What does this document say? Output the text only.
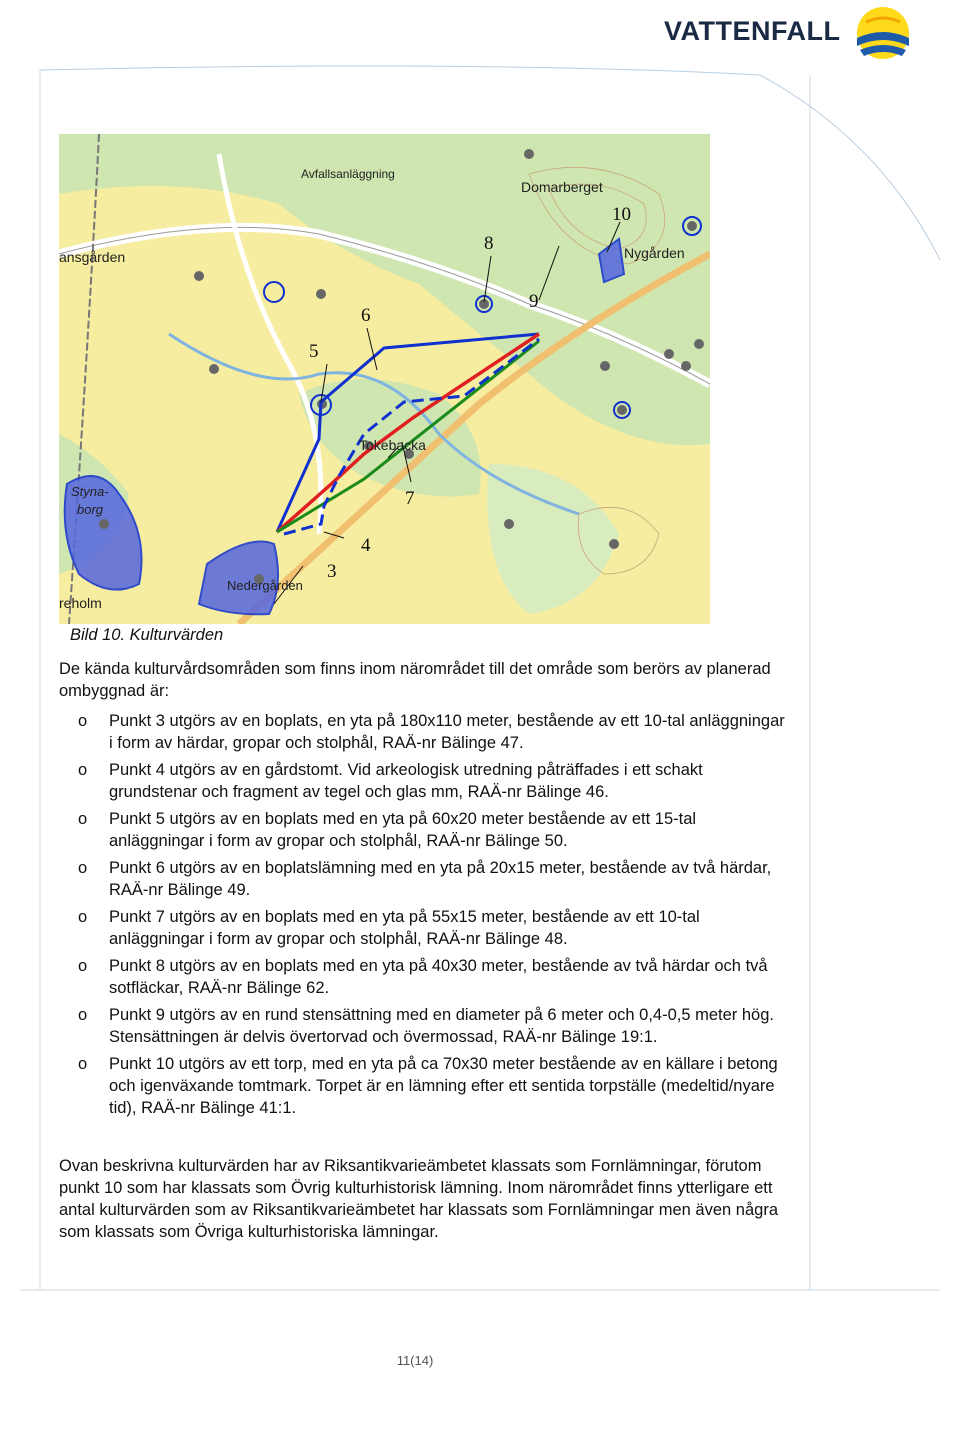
VATTENFALL
Avfallsanläggning
Domarberget
ansgården	Nygården
Tokebacka
Styna-
borg
Nedergården
reholm
3
4
5
6
7
8
9
10
Bild 10. Kulturvärden
De kända kulturvårdsområden som finns inom närområdet till det område som berörs av planerad ombyggnad är:
o Punkt 3 utgörs av en boplats, en yta på 180x110 meter, bestående av ett 10-tal anläggningar i form av härdar, gropar och stolphål, RAÄ-nr Bälinge 47.
o Punkt 4 utgörs av en gårdstomt. Vid arkeologisk utredning påträffades i ett schakt grundstenar och fragment av tegel och glas mm, RAÄ-nr Bälinge 46.
o Punkt 5 utgörs av en boplats med en yta på 60x20 meter bestående av ett 15-tal anläggningar i form av gropar och stolphål, RAÄ-nr Bälinge 50.
o Punkt 6 utgörs av en boplatslämning med en yta på 20x15 meter, bestående av två härdar, RAÄ-nr Bälinge 49.
o Punkt 7 utgörs av en boplats med en yta på 55x15 meter, bestående av ett 10-tal anläggningar i form av gropar och stolphål, RAÄ-nr Bälinge 48.
o Punkt 8 utgörs av en boplats med en yta på 40x30 meter, bestående av två härdar och två sotfläckar, RAÄ-nr Bälinge 62.
o Punkt 9 utgörs av en rund stensättning med en diameter på 6 meter och 0,4-0,5 meter hög. Stensättningen är delvis övertorvad och övermossad, RAÄ-nr Bälinge 19:1.
o Punkt 10 utgörs av ett torp, med en yta på ca 70x30 meter bestående av en källare i betong och igenväxande tomtmark. Torpet är en lämning efter ett sentida torpställe (medeltid/nyare tid), RAÄ-nr Bälinge 41:1.
Ovan beskrivna kulturvärden har av Riksantikvarieämbetet klassats som Fornlämningar, förutom punkt 10 som har klassats som Övrig kulturhistorisk lämning. Inom närområdet finns ytterligare ett antal kulturvärden som av Riksantikvarieämbetet har klassats som Fornlämningar men även några som klassats som Övriga kulturhistoriska lämningar.
11(14)
